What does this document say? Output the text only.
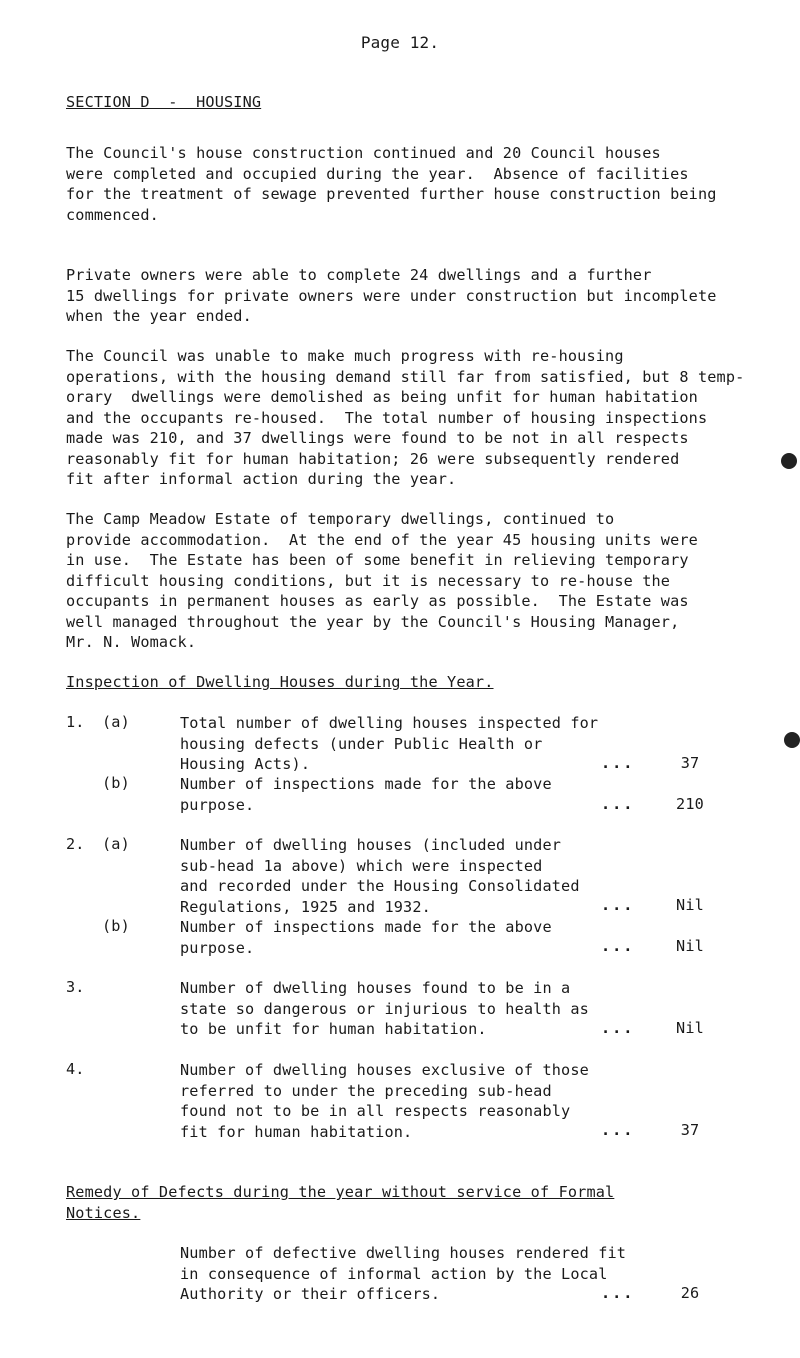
Page 12.
SECTION D  -  HOUSING
The Council's house construction continued and 20 Council houses
were completed and occupied during the year.  Absence of facilities
for the treatment of sewage prevented further house construction being
commenced.
Private owners were able to complete 24 dwellings and a further
15 dwellings for private owners were under construction but incomplete
when the year ended.
The Council was unable to make much progress with re-housing
operations, with the housing demand still far from satisfied, but 8 temp-
orary  dwellings were demolished as being unfit for human habitation
and the occupants re-housed.  The total number of housing inspections
made was 210, and 37 dwellings were found to be not in all respects
reasonably fit for human habitation; 26 were subsequently rendered
fit after informal action during the year.
The Camp Meadow Estate of temporary dwellings, continued to
provide accommodation.  At the end of the year 45 housing units were
in use.  The Estate has been of some benefit in relieving temporary
difficult housing conditions, but it is necessary to re-house the
occupants in permanent houses as early as possible.  The Estate was
well managed throughout the year by the Council's Housing Manager,
Mr. N. Womack.
Inspection of Dwelling Houses during the Year.
1. (a)	Total number of dwelling houses inspected for
housing defects (under Public Health or
Housing Acts).	...	37
(b)	Number of inspections made for the above
purpose.	...	210
2. (a)	Number of dwelling houses (included under
sub-head 1a above) which were inspected
and recorded under the Housing Consolidated
Regulations, 1925 and 1932.	...	Nil
(b)	Number of inspections made for the above
purpose.	...	Nil
3.	Number of dwelling houses found to be in a
state so dangerous or injurious to health as
to be unfit for human habitation.	...	Nil
4.	Number of dwelling houses exclusive of those
referred to under the preceding sub-head
found not to be in all respects reasonably
fit for human habitation.	...	37
Remedy of Defects during the year without service of Formal
Notices.
Number of defective dwelling houses rendered fit
in consequence of informal action by the Local
Authority or their officers.	...	26
